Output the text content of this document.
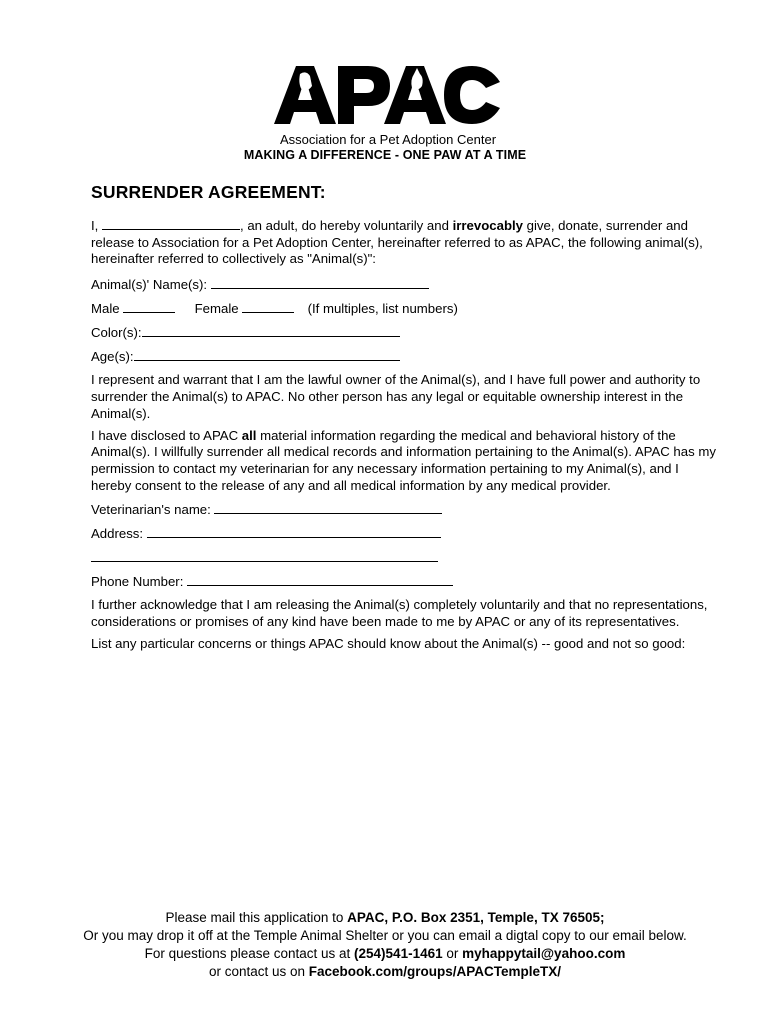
Association for a Pet Adoption Center
MAKING A DIFFERENCE - ONE PAW AT A TIME
SURRENDER AGREEMENT:

I,	, an adult, do hereby voluntarily and irrevocably give, donate, surrender and release to Association for a Pet Adoption Center, hereinafter referred to as APAC, the following animal(s), hereinafter referred to collectively as "Animal(s)":

Animal(s)' Name(s):
Male	Female	(If multiples, list numbers)
Color(s):
Age(s):

I represent and warrant that I am the lawful owner of the Animal(s), and I have full power and authority to surrender the Animal(s) to APAC. No other person has any legal or equitable ownership interest in the Animal(s).

I have disclosed to APAC all material information regarding the medical and behavioral history of the Animal(s). I willfully surrender all medical records and information pertaining to the Animal(s). APAC has my permission to contact my veterinarian for any necessary information pertaining to my Animal(s), and I hereby consent to the release of any and all medical information by any medical provider.

Veterinarian's name:
Address:
Phone Number:

I further acknowledge that I am releasing the Animal(s) completely voluntarily and that no representations, considerations or promises of any kind have been made to me by APAC or any of its representatives.

List any particular concerns or things APAC should know about the Animal(s) -- good and not so good:

Please mail this application to APAC, P.O. Box 2351, Temple, TX 76505;
Or you may drop it off at the Temple Animal Shelter or you can email a digtal copy to our email below.
For questions please contact us at (254)541-1461 or myhappytail@yahoo.com
or contact us on Facebook.com/groups/APACTempleTX/
